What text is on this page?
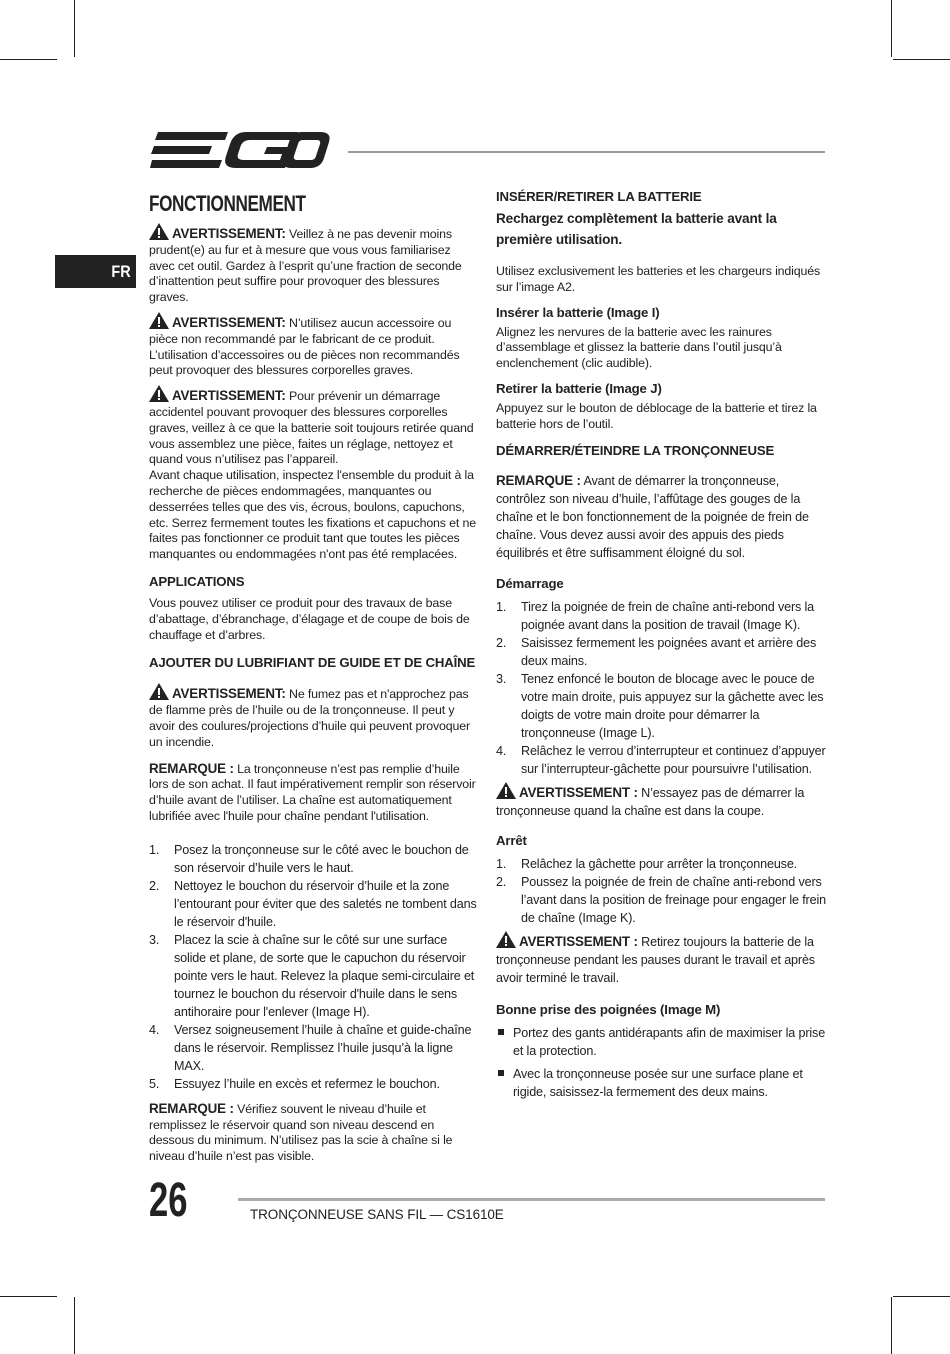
FR
FONCTIONNEMENT

AVERTISSEMENT: Veillez à ne pas devenir moins prudent(e) au fur et à mesure que vous vous familiarisez avec cet outil. Gardez à l’esprit qu’une fraction de seconde d’inattention peut suffire pour provoquer des blessures graves.

AVERTISSEMENT: N’utilisez aucun accessoire ou pièce non recommandé par le fabricant de ce produit. L’utilisation d’accessoires ou de pièces non recommandés peut provoquer des blessures corporelles graves.

AVERTISSEMENT: Pour prévenir un démarrage accidentel pouvant provoquer des blessures corporelles graves, veillez à ce que la batterie soit toujours retirée quand vous assemblez une pièce, faites un réglage, nettoyez et quand vous n’utilisez pas l’appareil.

Avant chaque utilisation, inspectez l'ensemble du produit à la recherche de pièces endommagées, manquantes ou desserrées telles que des vis, écrous, boulons, capuchons, etc. Serrez fermement toutes les fixations et capuchons et ne faites pas fonctionner ce produit tant que toutes les pièces manquantes ou endommagées n'ont pas été remplacées.

APPLICATIONS

Vous pouvez utiliser ce produit pour des travaux de base d’abattage, d’ébranchage, d’élagage et de coupe de bois de chauffage et d’arbres.

AJOUTER DU LUBRIFIANT DE GUIDE ET DE CHAÎNE

AVERTISSEMENT: Ne fumez pas et n'approchez pas de flamme près de l’huile ou de la tronçonneuse. Il peut y avoir des coulures/projections d’huile qui peuvent provoquer un incendie.

REMARQUE : La tronçonneuse n’est pas remplie d’huile lors de son achat. Il faut impérativement remplir son réservoir d’huile avant de l’utiliser. La chaîne est automatiquement lubrifiée avec l'huile pour chaîne pendant l'utilisation.

1. Posez la tronçonneuse sur le côté avec le bouchon de son réservoir d’huile vers le haut.
2. Nettoyez le bouchon du réservoir d’huile et la zone l’entourant pour éviter que des saletés ne tombent dans le réservoir d'huile.
3. Placez la scie à chaîne sur le côté sur une surface solide et plane, de sorte que le capuchon du réservoir pointe vers le haut. Relevez la plaque semi-circulaire et tournez le bouchon du réservoir d'huile dans le sens antihoraire pour l'enlever (Image H).
4. Versez soigneusement l’huile à chaîne et guide-chaîne dans le réservoir. Remplissez l’huile jusqu’à la ligne MAX.
5. Essuyez l’huile en excès et refermez le bouchon.

REMARQUE : Vérifiez souvent le niveau d’huile et remplissez le réservoir quand son niveau descend en dessous du minimum. N’utilisez pas la scie à chaîne si le niveau d’huile n’est pas visible.

INSÉRER/RETIRER LA BATTERIE
Rechargez complètement la batterie avant la première utilisation.

Utilisez exclusivement les batteries et les chargeurs indiqués sur l’image A2.

Insérer la batterie (Image I)

Alignez les nervures de la batterie avec les rainures d’assemblage et glissez la batterie dans l’outil jusqu’à enclenchement (clic audible).

Retirer la batterie (Image J)

Appuyez sur le bouton de déblocage de la batterie et tirez la batterie hors de l’outil.

DÉMARRER/ÉTEINDRE LA TRONÇONNEUSE

REMARQUE : Avant de démarrer la tronçonneuse, contrôlez son niveau d’huile, l’affûtage des gouges de la chaîne et le bon fonctionnement de la poignée de frein de chaîne. Vous devez aussi avoir des appuis des pieds équilibrés et être suffisamment éloigné du sol.

Démarrage
1. Tirez la poignée de frein de chaîne anti-rebond vers la poignée avant dans la position de travail (Image K).
2. Saisissez fermement les poignées avant et arrière des deux mains.
3. Tenez enfoncé le bouton de blocage avec le pouce de votre main droite, puis appuyez sur la gâchette avec les doigts de votre main droite pour démarrer la tronçonneuse (Image L).
4. Relâchez le verrou d’interrupteur et continuez d’appuyer sur l’interrupteur-gâchette pour poursuivre l’utilisation.

AVERTISSEMENT : N’essayez pas de démarrer la tronçonneuse quand la chaîne est dans la coupe.

Arrêt
1. Relâchez la gâchette pour arrêter la tronçonneuse.
2. Poussez la poignée de frein de chaîne anti-rebond vers l’avant dans la position de freinage pour engager le frein de chaîne (Image K).

AVERTISSEMENT : Retirez toujours la batterie de la tronçonneuse pendant les pauses durant le travail et après avoir terminé le travail.

Bonne prise des poignées (Image M)
Portez des gants antidérapants afin de maximiser la prise et la protection.
Avec la tronçonneuse posée sur une surface plane et rigide, saisissez-la fermement des deux mains.
26	TRONÇONNEUSE SANS FIL — CS1610E
